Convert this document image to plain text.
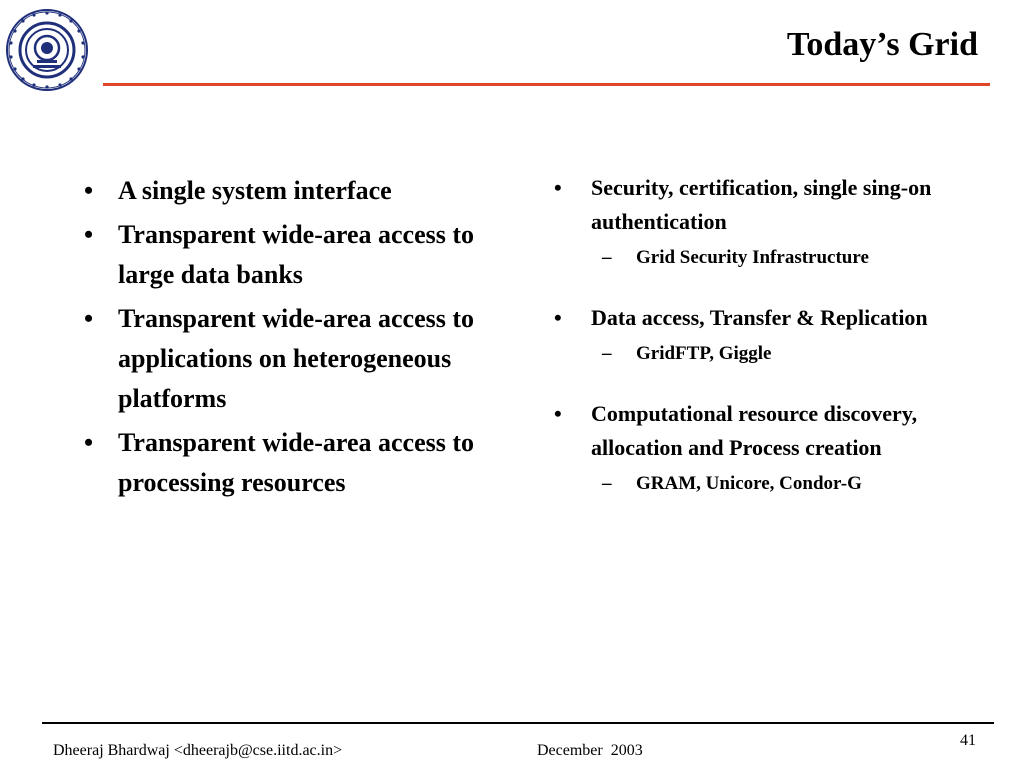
Today’s Grid
• A single system interface
• Transparent wide-area access to large data banks
• Transparent wide-area access to applications on heterogeneous platforms
• Transparent wide-area access to processing resources
• Security, certification, single sing-on authentication
– Grid Security Infrastructure
• Data access, Transfer & Replication
– GridFTP, Giggle
• Computational resource discovery, allocation and Process creation
– GRAM, Unicore, Condor-G
Dheeraj Bhardwaj <dheerajb@cse.iitd.ac.in>	December  2003
41
